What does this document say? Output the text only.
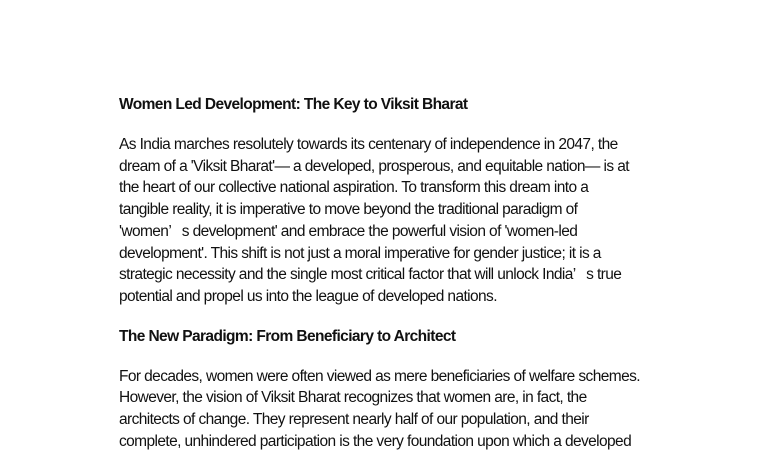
Women Led Development: The Key to Viksit Bharat

As India marches resolutely towards its centenary of independence in 2047, the
dream of a 'Viksit Bharat'— a developed, prosperous, and equitable nation— is at
the heart of our collective national aspiration. To transform this dream into a
tangible reality, it is imperative to move beyond the traditional paradigm of
'women’   s development' and embrace the powerful vision of 'women-led
development'. This shift is not just a moral imperative for gender justice; it is a
strategic necessity and the single most critical factor that will unlock India’   s true
potential and propel us into the league of developed nations.

The New Paradigm: From Beneficiary to Architect

For decades, women were often viewed as mere beneficiaries of welfare schemes.
However, the vision of Viksit Bharat recognizes that women are, in fact, the
architects of change. They represent nearly half of our population, and their
complete, unhindered participation is the very foundation upon which a developed
